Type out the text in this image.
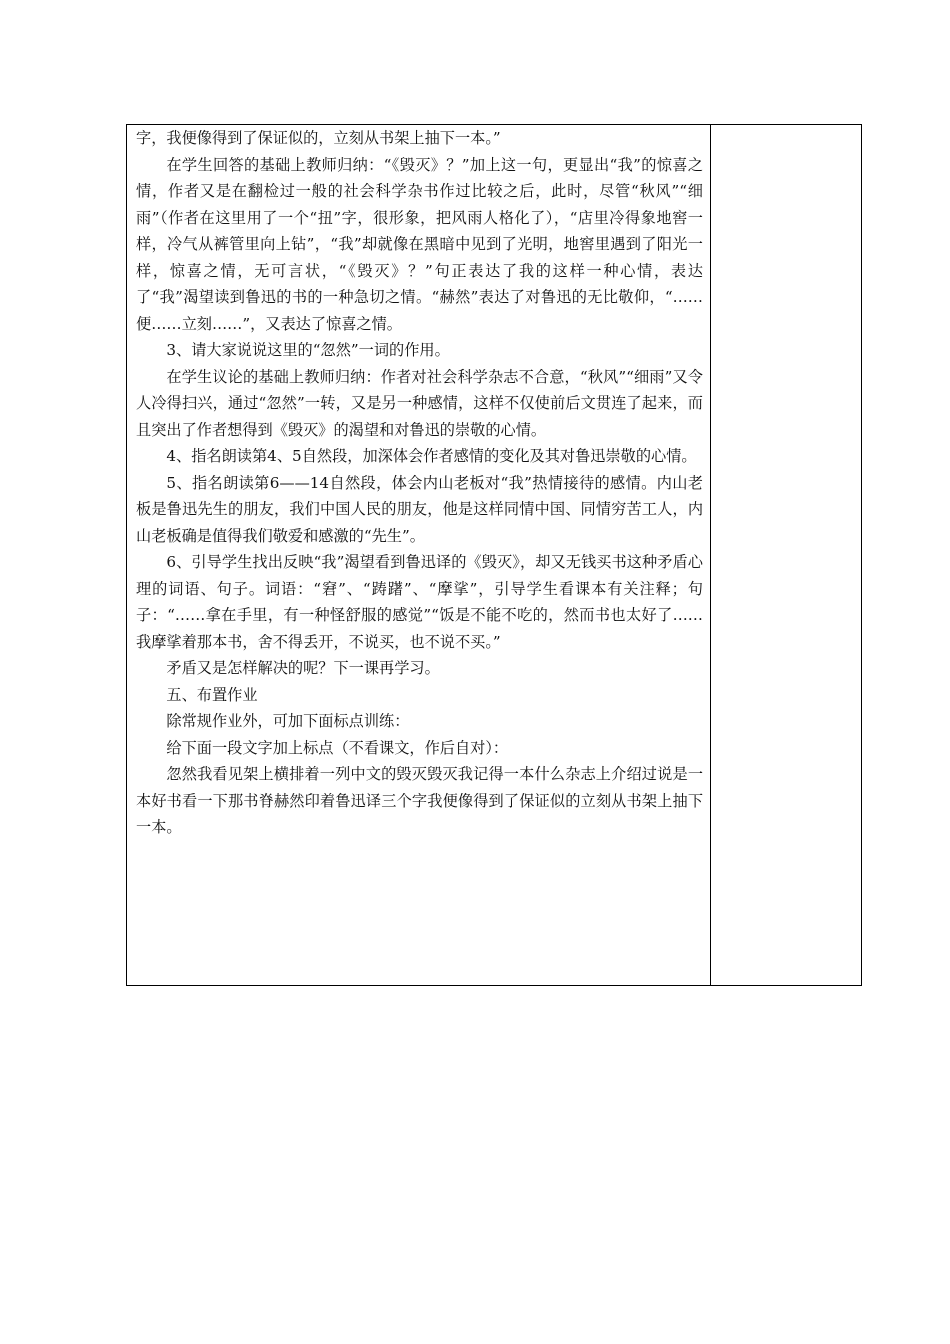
字，我便像得到了保证似的，立刻从书架上抽下一本。”

在学生回答的基础上教师归纳：“《毁灭》？”加上这一句，更显出“我”的惊喜之情，作者又是在翻检过一般的社会科学杂书作过比较之后，此时，尽管“秋风”“细雨”（作者在这里用了一个“扭”字，很形象，把风雨人格化了），“店里冷得象地窖一样，冷气从裤管里向上钻”，“我”却就像在黑暗中见到了光明，地窖里遇到了阳光一样，惊喜之情，无可言状，“《毁灭》？”句正表达了我的这样一种心情，表达了“我”渴望读到鲁迅的书的一种急切之情。“赫然”表达了对鲁迅的无比敬仰，“……便……立刻……”，又表达了惊喜之情。

3、请大家说说这里的“忽然”一词的作用。

在学生议论的基础上教师归纳：作者对社会科学杂志不合意，“秋风”“细雨”又令人冷得扫兴，通过“忽然”一转，又是另一种感情，这样不仅使前后文贯连了起来，而且突出了作者想得到《毁灭》的渴望和对鲁迅的崇敬的心情。

4、指名朗读第4、5自然段，加深体会作者感情的变化及其对鲁迅崇敬的心情。

5、指名朗读第6——14自然段，体会内山老板对“我”热情接待的感情。内山老板是鲁迅先生的朋友，我们中国人民的朋友，他是这样同情中国、同情穷苦工人，内山老板确是值得我们敬爱和感激的“先生”。

6、引导学生找出反映“我”渴望看到鲁迅译的《毁灭》，却又无钱买书这种矛盾心理的词语、句子。词语：“窘”、“踌躇”、“摩挲”，引导学生看课本有关注释；句子：“……拿在手里，有一种怪舒服的感觉”“饭是不能不吃的，然而书也太好了……我摩挲着那本书，舍不得丢开，不说买，也不说不买。”

矛盾又是怎样解决的呢？下一课再学习。

五、布置作业

除常规作业外，可加下面标点训练：

给下面一段文字加上标点（不看课文，作后自对）：

忽然我看见架上横排着一列中文的毁灭毁灭我记得一本什么杂志上介绍过说是一本好书看一下那书脊赫然印着鲁迅译三个字我便像得到了保证似的立刻从书架上抽下一本。
